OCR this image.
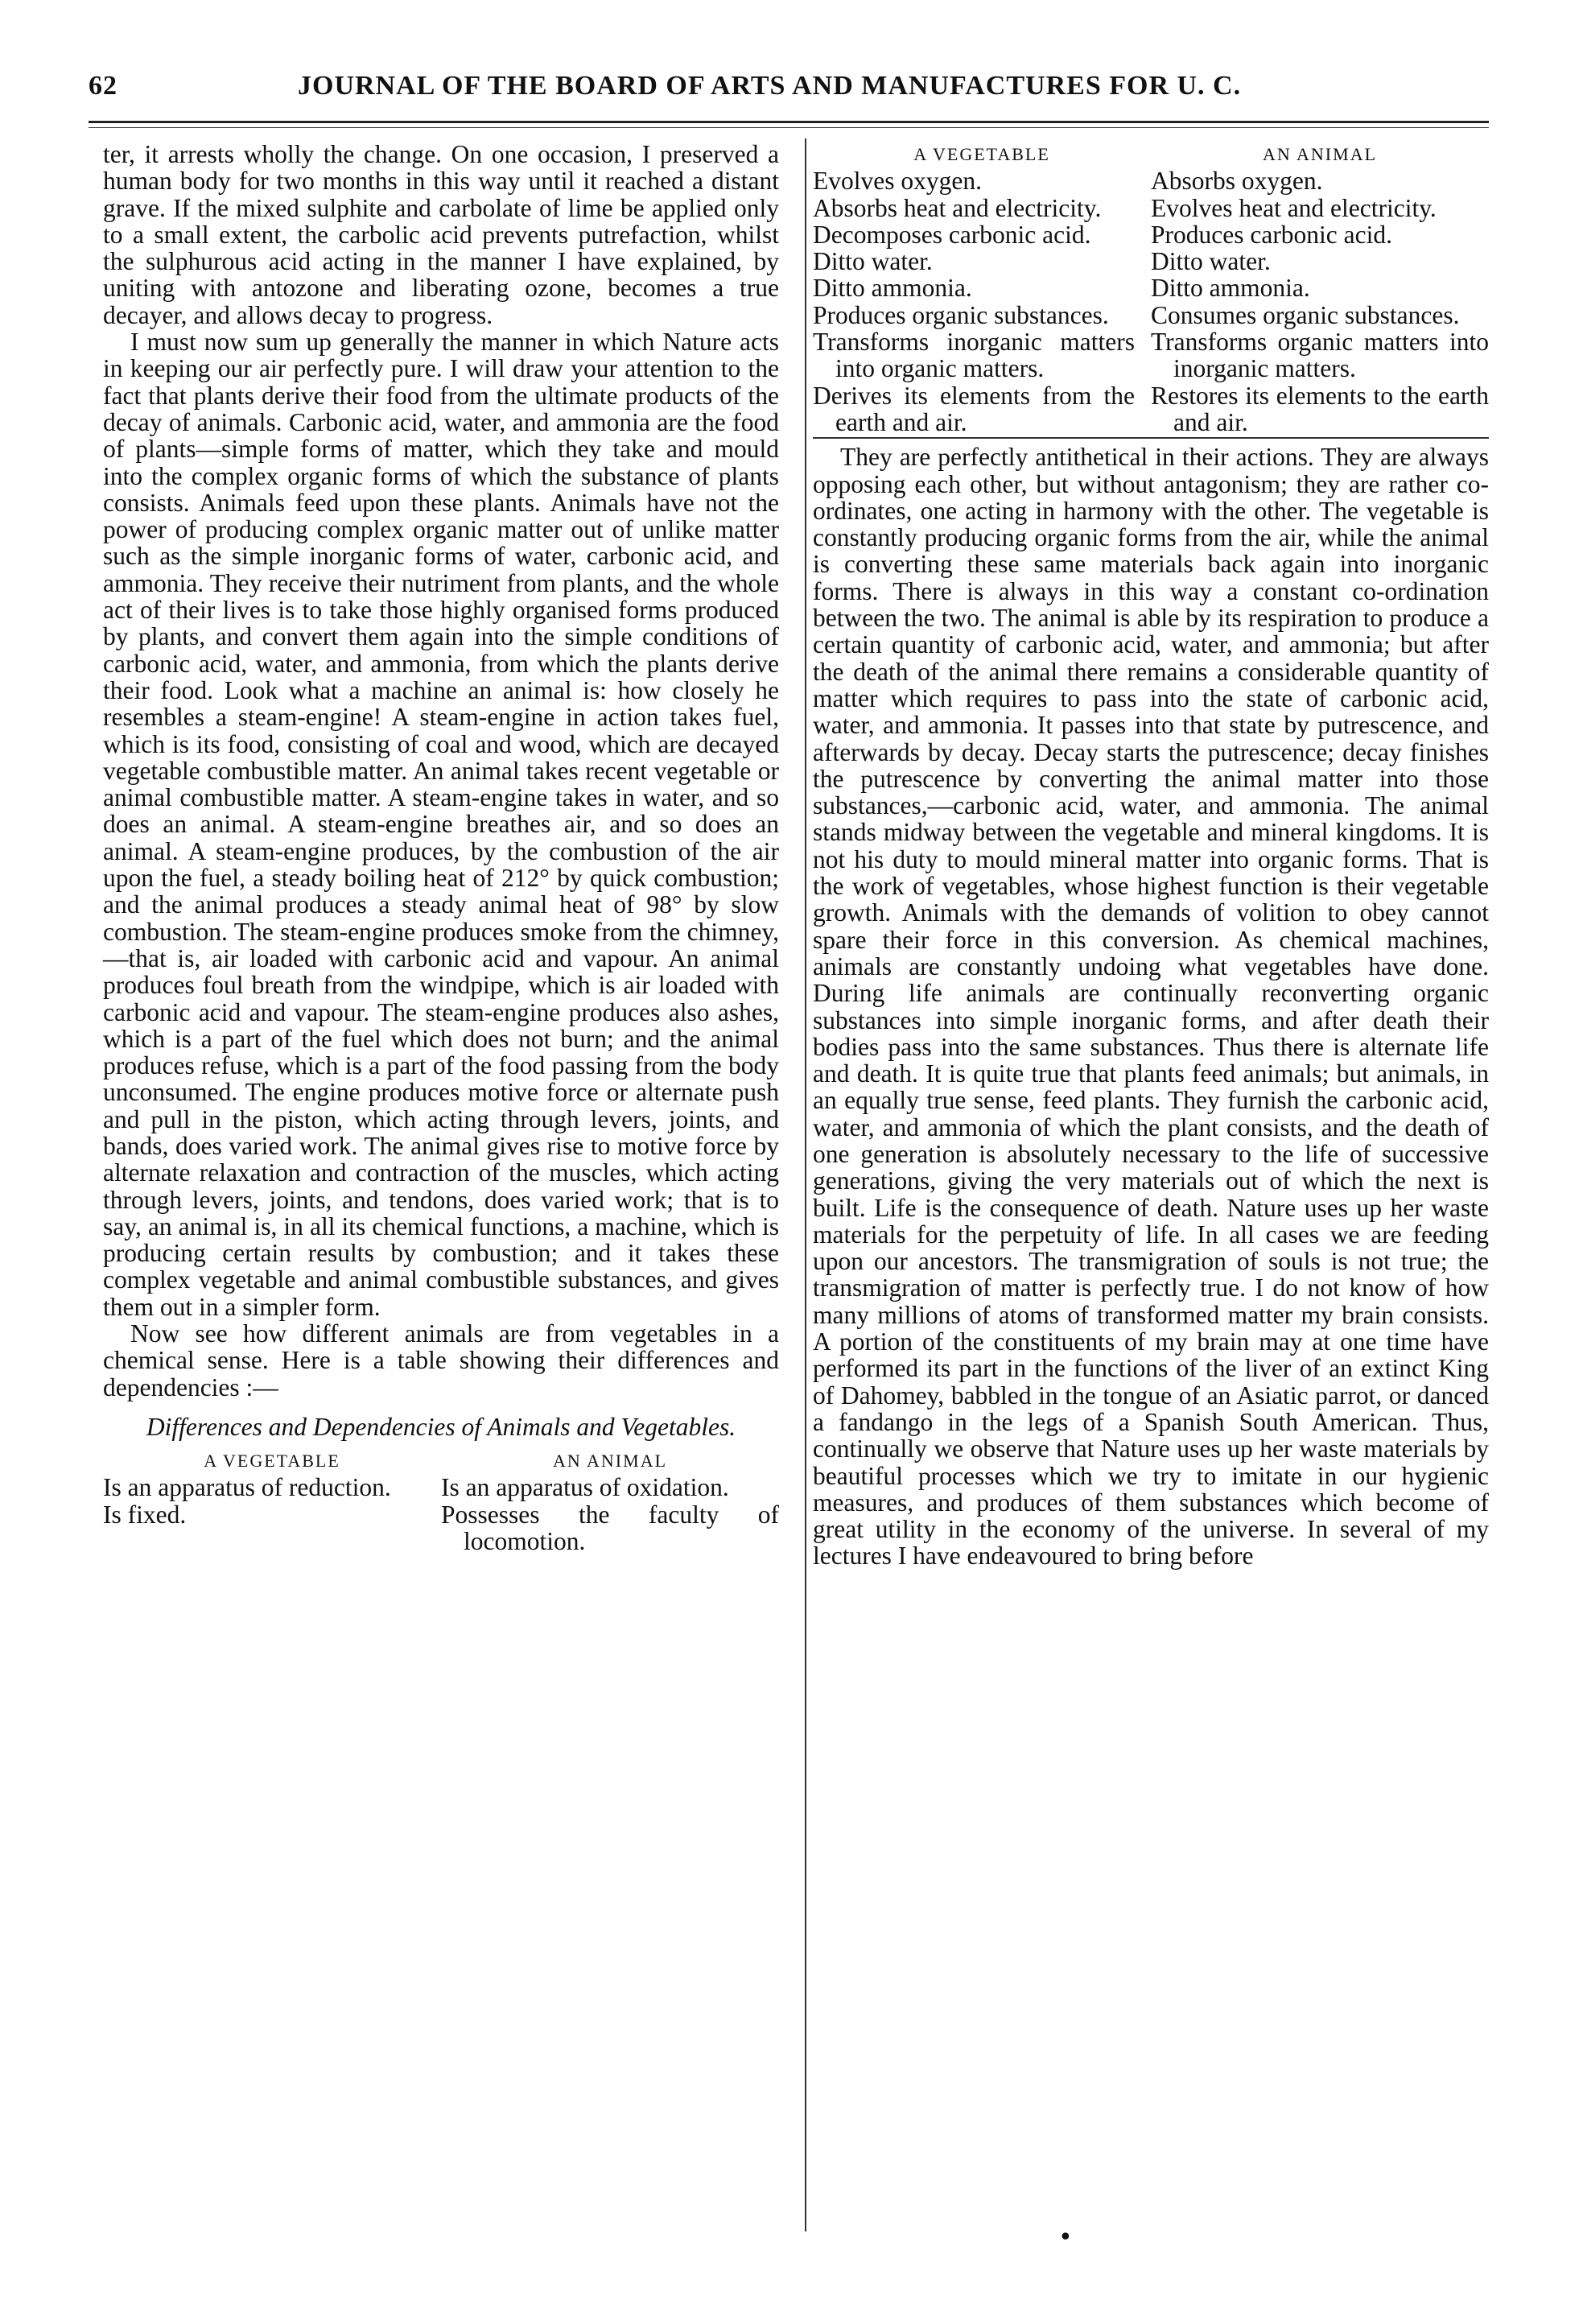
62	JOURNAL OF THE BOARD OF ARTS AND MANUFACTURES FOR U. C.

ter, it arrests wholly the change. On one occasion, I preserved a human body for two months in this way until it reached a distant grave. If the mixed sulphite and carbolate of lime be applied only to a small extent, the carbolic acid prevents putrefaction, whilst the sulphurous acid acting in the manner I have explained, by uniting with antozone and liberating ozone, becomes a true decayer, and allows decay to progress.

I must now sum up generally the manner in which Nature acts in keeping our air perfectly pure. I will draw your attention to the fact that plants derive their food from the ultimate products of the decay of animals. Carbonic acid, water, and ammonia are the food of plants—simple forms of matter, which they take and mould into the complex organic forms of which the substance of plants consists. Animals feed upon these plants. Animals have not the power of producing complex organic matter out of unlike matter such as the simple inorganic forms of water, carbonic acid, and ammonia. They receive their nutriment from plants, and the whole act of their lives is to take those highly organised forms produced by plants, and convert them again into the simple conditions of carbonic acid, water, and ammonia, from which the plants derive their food. Look what a machine an animal is: how closely he resembles a steam-engine! A steam-engine in action takes fuel, which is its food, consisting of coal and wood, which are decayed vegetable combustible matter. An animal takes recent vegetable or animal combustible matter. A steam-engine takes in water, and so does an animal. A steam-engine breathes air, and so does an animal. A steam-engine produces, by the combustion of the air upon the fuel, a steady boiling heat of 212° by quick combustion; and the animal produces a steady animal heat of 98° by slow combustion. The steam-engine produces smoke from the chimney,—that is, air loaded with carbonic acid and vapour. An animal produces foul breath from the windpipe, which is air loaded with carbonic acid and vapour. The steam-engine produces also ashes, which is a part of the fuel which does not burn; and the animal produces refuse, which is a part of the food passing from the body unconsumed. The engine produces motive force or alternate push and pull in the piston, which acting through levers, joints, and bands, does varied work. The animal gives rise to motive force by alternate relaxation and contraction of the muscles, which acting through levers, joints, and tendons, does varied work; that is to say, an animal is, in all its chemical functions, a machine, which is producing certain results by combustion; and it takes these complex vegetable and animal combustible substances, and gives them out in a simpler form.

Now see how different animals are from vegetables in a chemical sense. Here is a table showing their differences and dependencies :—

Differences and Dependencies of Animals and Vegetables.
A VEGETABLE	AN ANIMAL
Is an apparatus of reduction.	Is an apparatus of oxidation.
Is fixed.	Possesses the faculty of locomotion.
A VEGETABLE	AN ANIMAL
Evolves oxygen.	Absorbs oxygen.
Absorbs heat and electricity.	Evolves heat and electricity.
Decomposes carbonic acid.	Produces carbonic acid.
Ditto water.	Ditto water.
Ditto ammonia.	Ditto ammonia.
Produces organic substances.	Consumes organic substances.
Transforms inorganic matters into organic matters.	Transforms organic matters into inorganic matters.
Derives its elements from the earth and air.	Restores its elements to the earth and air.

They are perfectly antithetical in their actions. They are always opposing each other, but without antagonism; they are rather co-ordinates, one acting in harmony with the other. The vegetable is constantly producing organic forms from the air, while the animal is converting these same materials back again into inorganic forms. There is always in this way a constant co-ordination between the two. The animal is able by its respiration to produce a certain quantity of carbonic acid, water, and ammonia; but after the death of the animal there remains a considerable quantity of matter which requires to pass into the state of carbonic acid, water, and ammonia. It passes into that state by putrescence, and afterwards by decay. Decay starts the putrescence; decay finishes the putrescence by converting the animal matter into those substances,—carbonic acid, water, and ammonia. The animal stands midway between the vegetable and mineral kingdoms. It is not his duty to mould mineral matter into organic forms. That is the work of vegetables, whose highest function is their vegetable growth. Animals with the demands of volition to obey cannot spare their force in this conversion. As chemical machines, animals are constantly undoing what vegetables have done. During life animals are continually reconverting organic substances into simple inorganic forms, and after death their bodies pass into the same substances. Thus there is alternate life and death. It is quite true that plants feed animals; but animals, in an equally true sense, feed plants. They furnish the carbonic acid, water, and ammonia of which the plant consists, and the death of one generation is absolutely necessary to the life of successive generations, giving the very materials out of which the next is built. Life is the consequence of death. Nature uses up her waste materials for the perpetuity of life. In all cases we are feeding upon our ancestors. The transmigration of souls is not true; the transmigration of matter is perfectly true. I do not know of how many millions of atoms of transformed matter my brain consists. A portion of the constituents of my brain may at one time have performed its part in the functions of the liver of an extinct King of Dahomey, babbled in the tongue of an Asiatic parrot, or danced a fandango in the legs of a Spanish South American. Thus, continually we observe that Nature uses up her waste materials by beautiful processes which we try to imitate in our hygienic measures, and produces of them substances which become of great utility in the economy of the universe. In several of my lectures I have endeavoured to bring before

•
